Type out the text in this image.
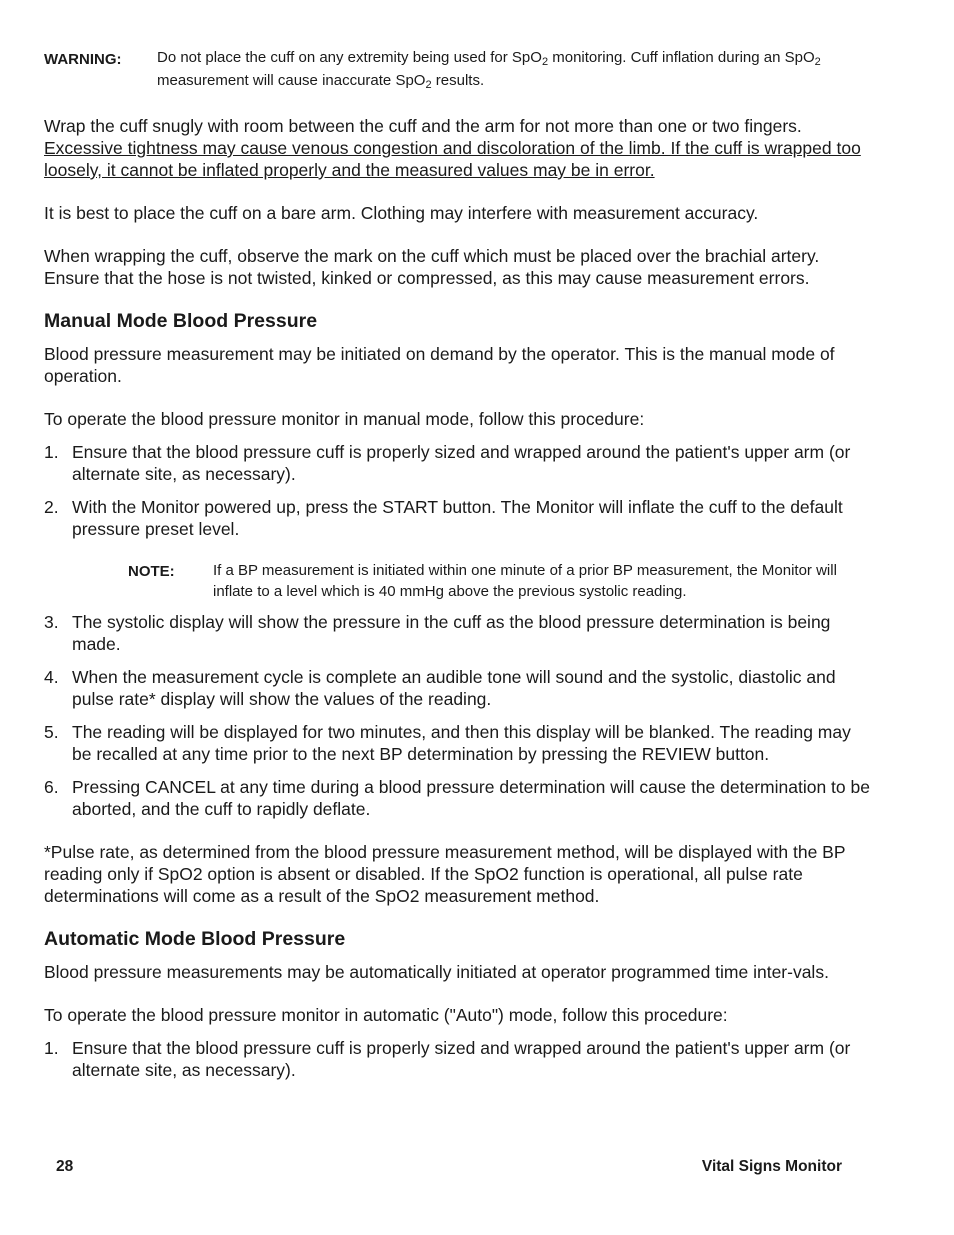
WARNING: Do not place the cuff on any extremity being used for SpO$_2$ monitoring. Cuff inflation during an SpO$_2$ measurement will cause inaccurate SpO$_2$ results.

Wrap the cuff snugly with room between the cuff and the arm for not more than one or two fingers. Excessive tightness may cause venous congestion and discoloration of the limb. If the cuff is wrapped too loosely, it cannot be inflated properly and the measured values may be in error.

It is best to place the cuff on a bare arm. Clothing may interfere with measurement accuracy.

When wrapping the cuff, observe the mark on the cuff which must be placed over the brachial artery. Ensure that the hose is not twisted, kinked or compressed, as this may cause measurement errors.

Manual Mode Blood Pressure

Blood pressure measurement may be initiated on demand by the operator. This is the manual mode of operation.

To operate the blood pressure monitor in manual mode, follow this procedure:

1. Ensure that the blood pressure cuff is properly sized and wrapped around the patient's upper arm (or alternate site, as necessary).
2. With the Monitor powered up, press the START button. The Monitor will inflate the cuff to the default pressure preset level.
NOTE:	If a BP measurement is initiated within one minute of a prior BP measurement, the Monitor will inflate to a level which is 40 mmHg above the previous systolic reading.
3. The systolic display will show the pressure in the cuff as the blood pressure determination is being made.
4. When the measurement cycle is complete an audible tone will sound and the systolic, diastolic and pulse rate* display will show the values of the reading.
5. The reading will be displayed for two minutes, and then this display will be blanked. The reading may be recalled at any time prior to the next BP determination by pressing the REVIEW button.
6. Pressing CANCEL at any time during a blood pressure determination will cause the determination to be aborted, and the cuff to rapidly deflate.

*Pulse rate, as determined from the blood pressure measurement method, will be displayed with the BP reading only if SpO2 option is absent or disabled. If the SpO2 function is operational, all pulse rate determinations will come as a result of the SpO2 measurement method.

Automatic Mode Blood Pressure

Blood pressure measurements may be automatically initiated at operator programmed time inter-vals.

To operate the blood pressure monitor in automatic ("Auto") mode, follow this procedure:

1. Ensure that the blood pressure cuff is properly sized and wrapped around the patient's upper arm (or alternate site, as necessary).
28	Vital Signs Monitor
